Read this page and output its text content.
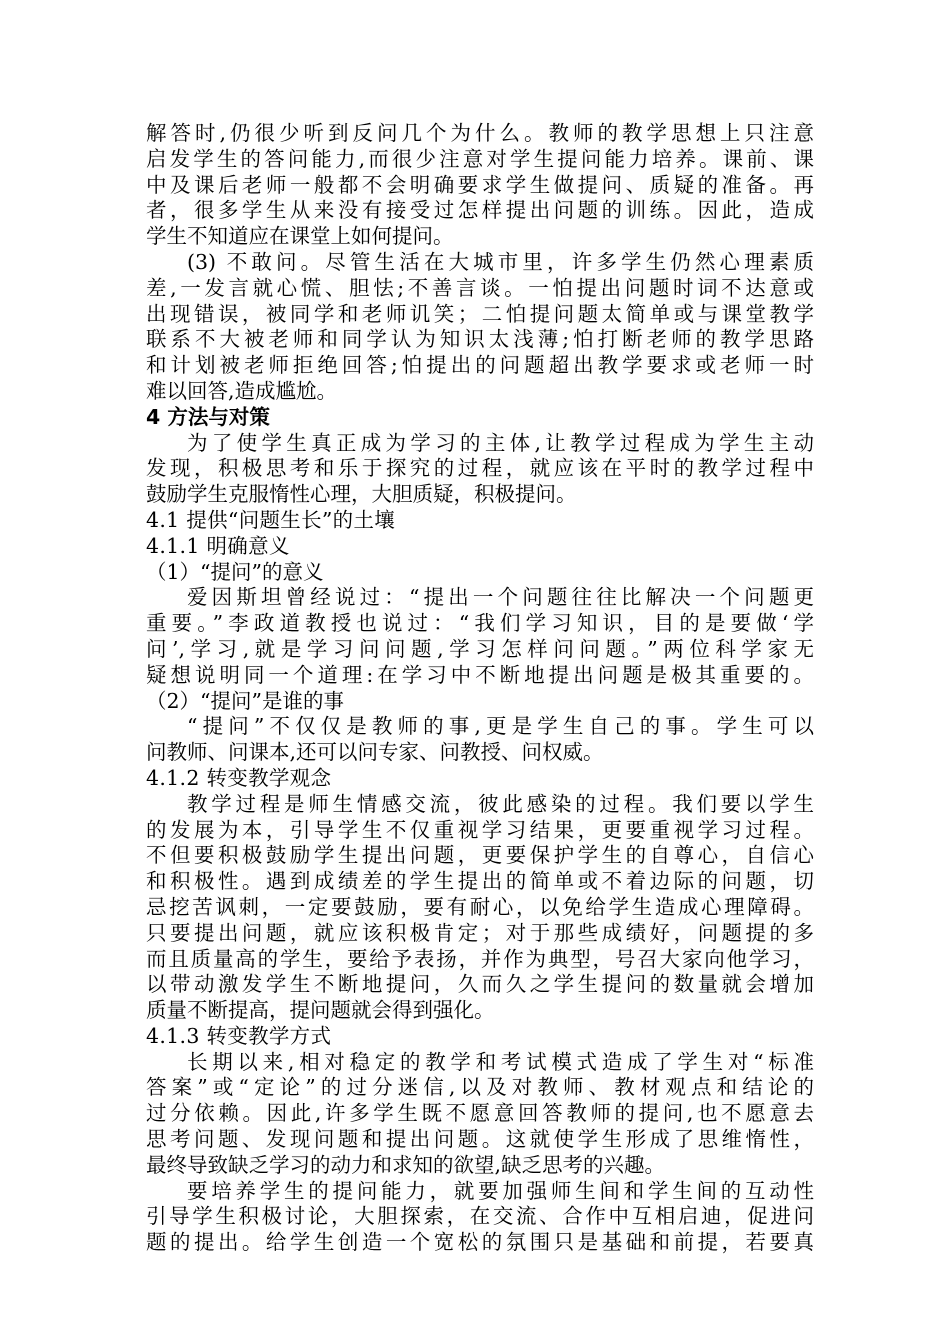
解答时,仍很少听到反问几个为什么。教师的教学思想上只注意
启发学生的答问能力,而很少注意对学生提问能力培养。课前、课
中及课后老师一般都不会明确要求学生做提问、质疑的准备。再
者，很多学生从来没有接受过怎样提出问题的训练。因此，造成
学生不知道应在课堂上如何提问。
(3) 不敢问。尽管生活在大城市里，许多学生仍然心理素质
差,一发言就心慌、胆怯;不善言谈。一怕提出问题时词不达意或
出现错误，被同学和老师讥笑；二怕提问题太简单或与课堂教学
联系不大被老师和同学认为知识太浅薄;怕打断老师的教学思路
和计划被老师拒绝回答;怕提出的问题超出教学要求或老师一时
难以回答,造成尴尬。
4 方法与对策
为了使学生真正成为学习的主体,让教学过程成为学生主动
发现，积极思考和乐于探究的过程，就应该在平时的教学过程中
鼓励学生克服惰性心理，大胆质疑，积极提问。
4.1 提供“问题生长”的土壤
4.1.1 明确意义
（1）“提问”的意义
爱因斯坦曾经说过：“提出一个问题往往比解决一个问题更
重要。”李政道教授也说过：“我们学习知识，目的是要做‘学
问’,学习,就是学习问问题,学习怎样问问题。”两位科学家无
疑想说明同一个道理:在学习中不断地提出问题是极其重要的。
（2）“提问”是谁的事
“提问”不仅仅是教师的事,更是学生自己的事。学生可以
问教师、问课本,还可以问专家、问教授、问权威。
4.1.2 转变教学观念
教学过程是师生情感交流，彼此感染的过程。我们要以学生
的发展为本，引导学生不仅重视学习结果，更要重视学习过程。
不但要积极鼓励学生提出问题，更要保护学生的自尊心，自信心
和积极性。遇到成绩差的学生提出的简单或不着边际的问题，切
忌挖苦讽刺，一定要鼓励，要有耐心，以免给学生造成心理障碍。
只要提出问题，就应该积极肯定；对于那些成绩好，问题提的多
而且质量高的学生，要给予表扬，并作为典型，号召大家向他学习，
以带动激发学生不断地提问，久而久之学生提问的数量就会增加
质量不断提高，提问题就会得到强化。
4.1.3 转变教学方式
长期以来,相对稳定的教学和考试模式造成了学生对“标准
答案”或“定论”的过分迷信,以及对教师、教材观点和结论的
过分依赖。因此,许多学生既不愿意回答教师的提问,也不愿意去
思考问题、发现问题和提出问题。这就使学生形成了思维惰性，
最终导致缺乏学习的动力和求知的欲望,缺乏思考的兴趣。
要培养学生的提问能力，就要加强师生间和学生间的互动性
引导学生积极讨论，大胆探索，在交流、合作中互相启迪，促进问
题的提出。给学生创造一个宽松的氛围只是基础和前提，若要真
